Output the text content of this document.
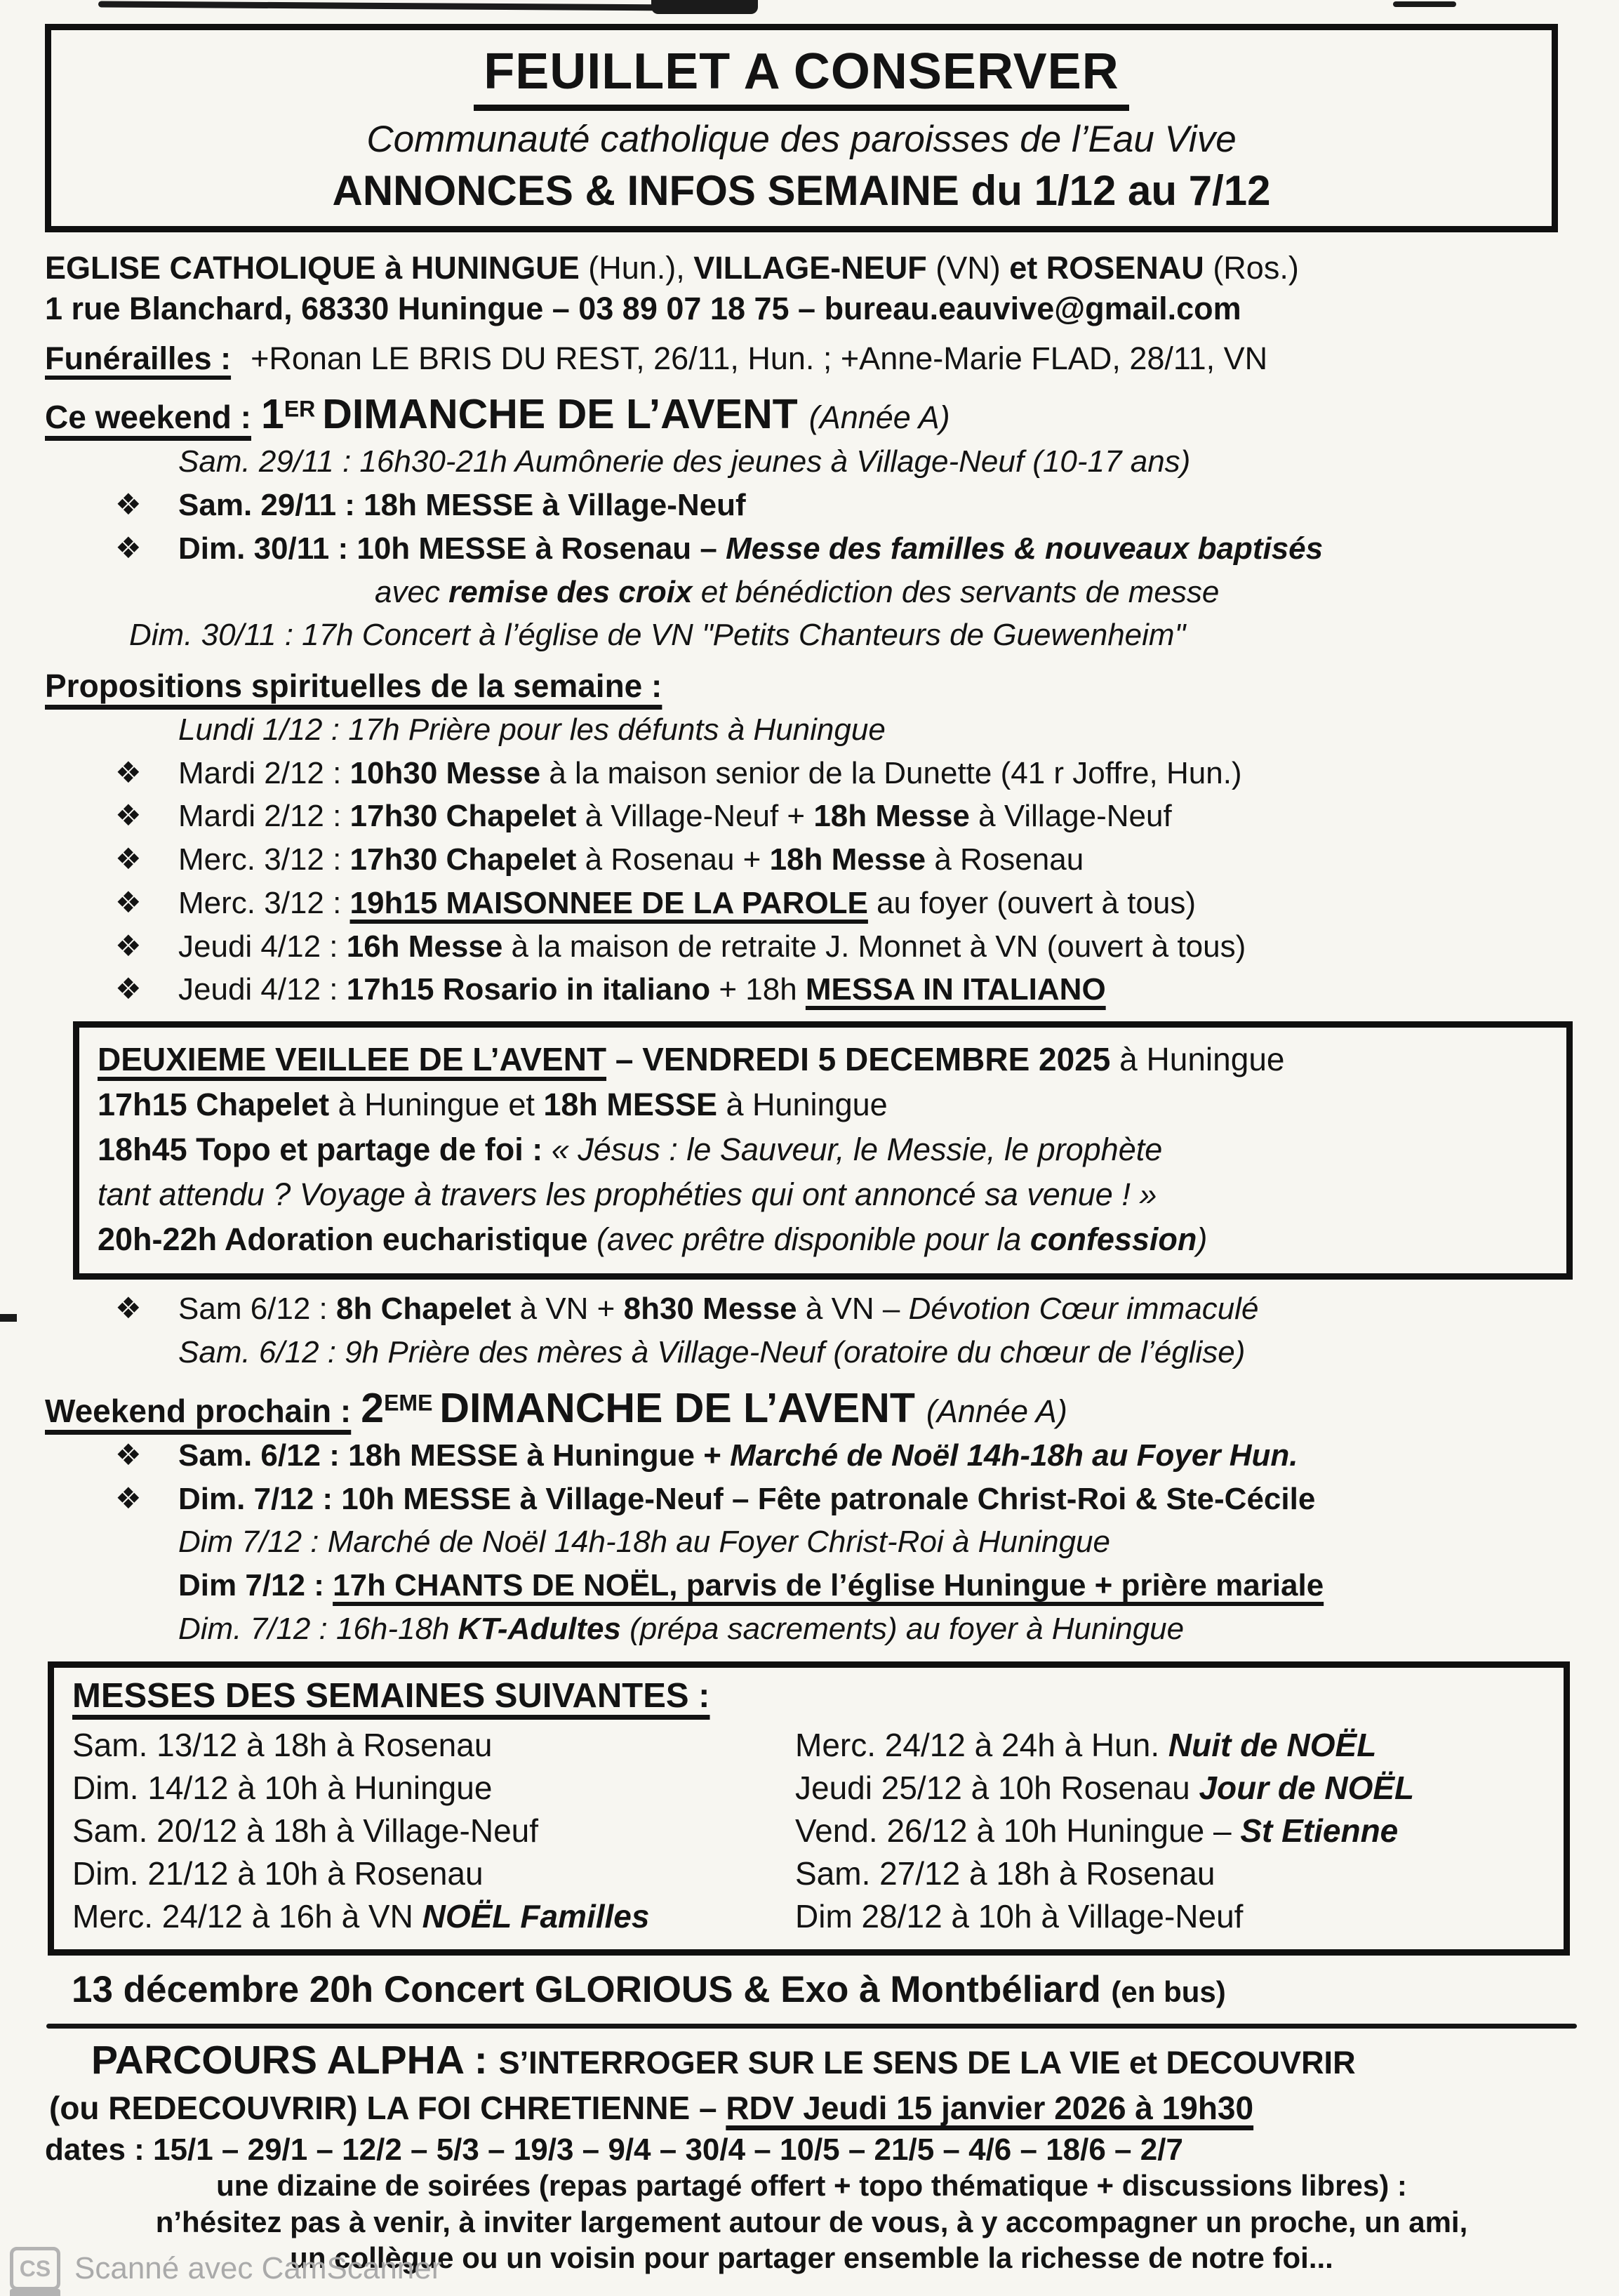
FEUILLET A CONSERVER
Communauté catholique des paroisses de l’Eau Vive
ANNONCES & INFOS SEMAINE du 1/12 au 7/12
EGLISE CATHOLIQUE à HUNINGUE (Hun.), VILLAGE-NEUF (VN) et ROSENAU (Ros.)
1 rue Blanchard, 68330 Huningue – 03 89 07 18 75 – bureau.eauvive@gmail.com
Funérailles : +Ronan LE BRIS DU REST, 26/11, Hun. ; +Anne-Marie FLAD, 28/11, VN
Ce weekend : 1ER DIMANCHE DE L’AVENT (Année A)
Sam. 29/11 : 16h30-21h Aumônerie des jeunes à Village-Neuf (10-17 ans)
❖ Sam. 29/11 : 18h MESSE à Village-Neuf
❖ Dim. 30/11 : 10h MESSE à Rosenau – Messe des familles & nouveaux baptisés
avec remise des croix et bénédiction des servants de messe
Dim. 30/11 : 17h Concert à l’église de VN "Petits Chanteurs de Guewenheim"
Propositions spirituelles de la semaine :
Lundi 1/12 : 17h Prière pour les défunts à Huningue
❖ Mardi 2/12 : 10h30 Messe à la maison senior de la Dunette (41 r Joffre, Hun.)
❖ Mardi 2/12 : 17h30 Chapelet à Village-Neuf + 18h Messe à Village-Neuf
❖ Merc. 3/12 : 17h30 Chapelet à Rosenau + 18h Messe à Rosenau
❖ Merc. 3/12 : 19h15 MAISONNEE DE LA PAROLE au foyer (ouvert à tous)
❖ Jeudi 4/12 : 16h Messe à la maison de retraite J. Monnet à VN (ouvert à tous)
❖ Jeudi 4/12 : 17h15 Rosario in italiano + 18h MESSA IN ITALIANO
DEUXIEME VEILLEE DE L’AVENT – VENDREDI 5 DECEMBRE 2025 à Huningue
17h15 Chapelet à Huningue et 18h MESSE à Huningue
18h45 Topo et partage de foi : « Jésus : le Sauveur, le Messie, le prophète
tant attendu ? Voyage à travers les prophéties qui ont annoncé sa venue ! »
20h-22h Adoration eucharistique (avec prêtre disponible pour la confession)
❖ Sam 6/12 : 8h Chapelet à VN + 8h30 Messe à VN – Dévotion Cœur immaculé
Sam. 6/12 : 9h Prière des mères à Village-Neuf (oratoire du chœur de l’église)
Weekend prochain : 2EME DIMANCHE DE L’AVENT (Année A)
❖ Sam. 6/12 : 18h MESSE à Huningue + Marché de Noël 14h-18h au Foyer Hun.
❖ Dim. 7/12 : 10h MESSE à Village-Neuf – Fête patronale Christ-Roi & Ste-Cécile
Dim 7/12 : Marché de Noël 14h-18h au Foyer Christ-Roi à Huningue
Dim 7/12 : 17h CHANTS DE NOËL, parvis de l’église Huningue + prière mariale
Dim. 7/12 : 16h-18h KT-Adultes (prépa sacrements) au foyer à Huningue
MESSES DES SEMAINES SUIVANTES :
Sam. 13/12 à 18h à Rosenau
Dim. 14/12 à 10h à Huningue
Sam. 20/12 à 18h à Village-Neuf
Dim. 21/12 à 10h à Rosenau
Merc. 24/12 à 16h à VN NOËL Familles
Merc. 24/12 à 24h à Hun. Nuit de NOËL
Jeudi 25/12 à 10h Rosenau Jour de NOËL
Vend. 26/12 à 10h Huningue – St Etienne
Sam. 27/12 à 18h à Rosenau
Dim 28/12 à 10h à Village-Neuf
13 décembre 20h Concert GLORIOUS & Exo à Montbéliard (en bus)
PARCOURS ALPHA : S’INTERROGER SUR LE SENS DE LA VIE et DECOUVRIR
(ou REDECOUVRIR) LA FOI CHRETIENNE – RDV Jeudi 15 janvier 2026 à 19h30
dates : 15/1 – 29/1 – 12/2 – 5/3 – 19/3 – 9/4 – 30/4 – 10/5 – 21/5 – 4/6 – 18/6 – 2/7
une dizaine de soirées (repas partagé offert + topo thématique + discussions libres) :
n’hésitez pas à venir, à inviter largement autour de vous, à y accompagner un proche, un ami,
un collègue ou un voisin pour partager ensemble la richesse de notre foi...
CS Scanné avec CamScanner
